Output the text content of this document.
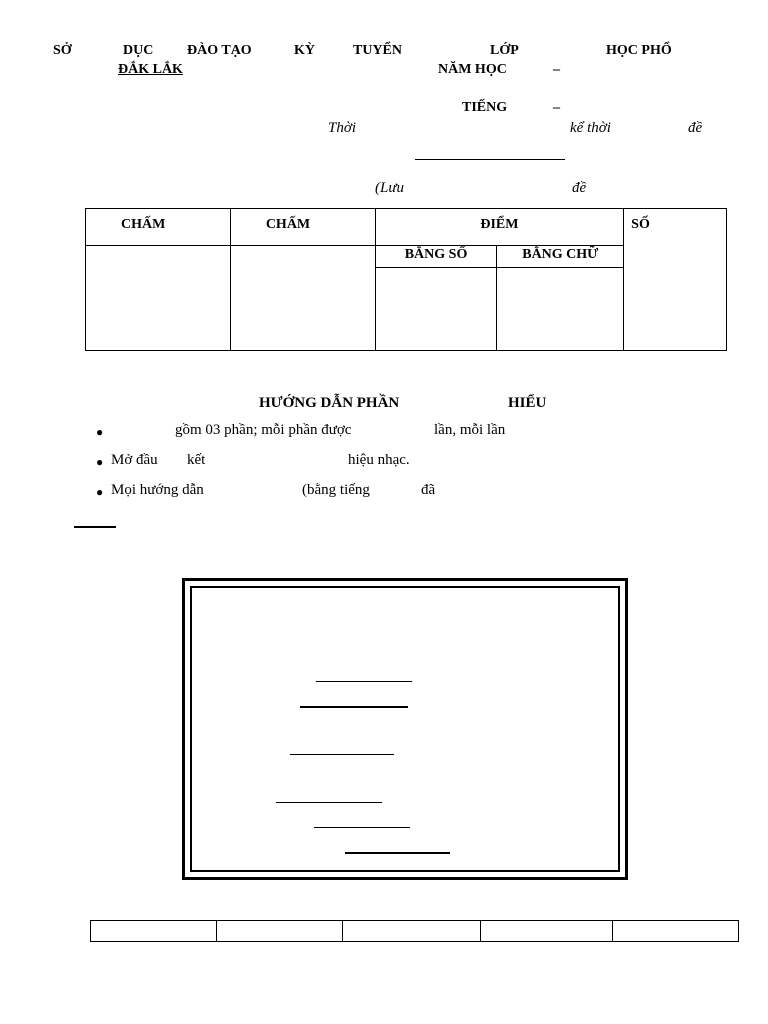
SỞ	DỤC ĐÀO TẠO	KỲ	TUYỂN	LỚP	HỌC PHỔ
ĐẮK LẮK	NĂM HỌC	–
TIẾNG	–
Thời	kể thời	đề
(Lưu	đề
CHẤM	CHẤM	ĐIỂM		SỐ
		BẰNG SỐ	BẰNG CHỮ	

HƯỚNG DẪN PHẦN	HIỂU
●	gồm 03 phần; mỗi phần được	lần, mỗi lần
● Mở đầu kết	hiệu nhạc.
● Mọi hướng dẫn	(bằng tiếng	đã
